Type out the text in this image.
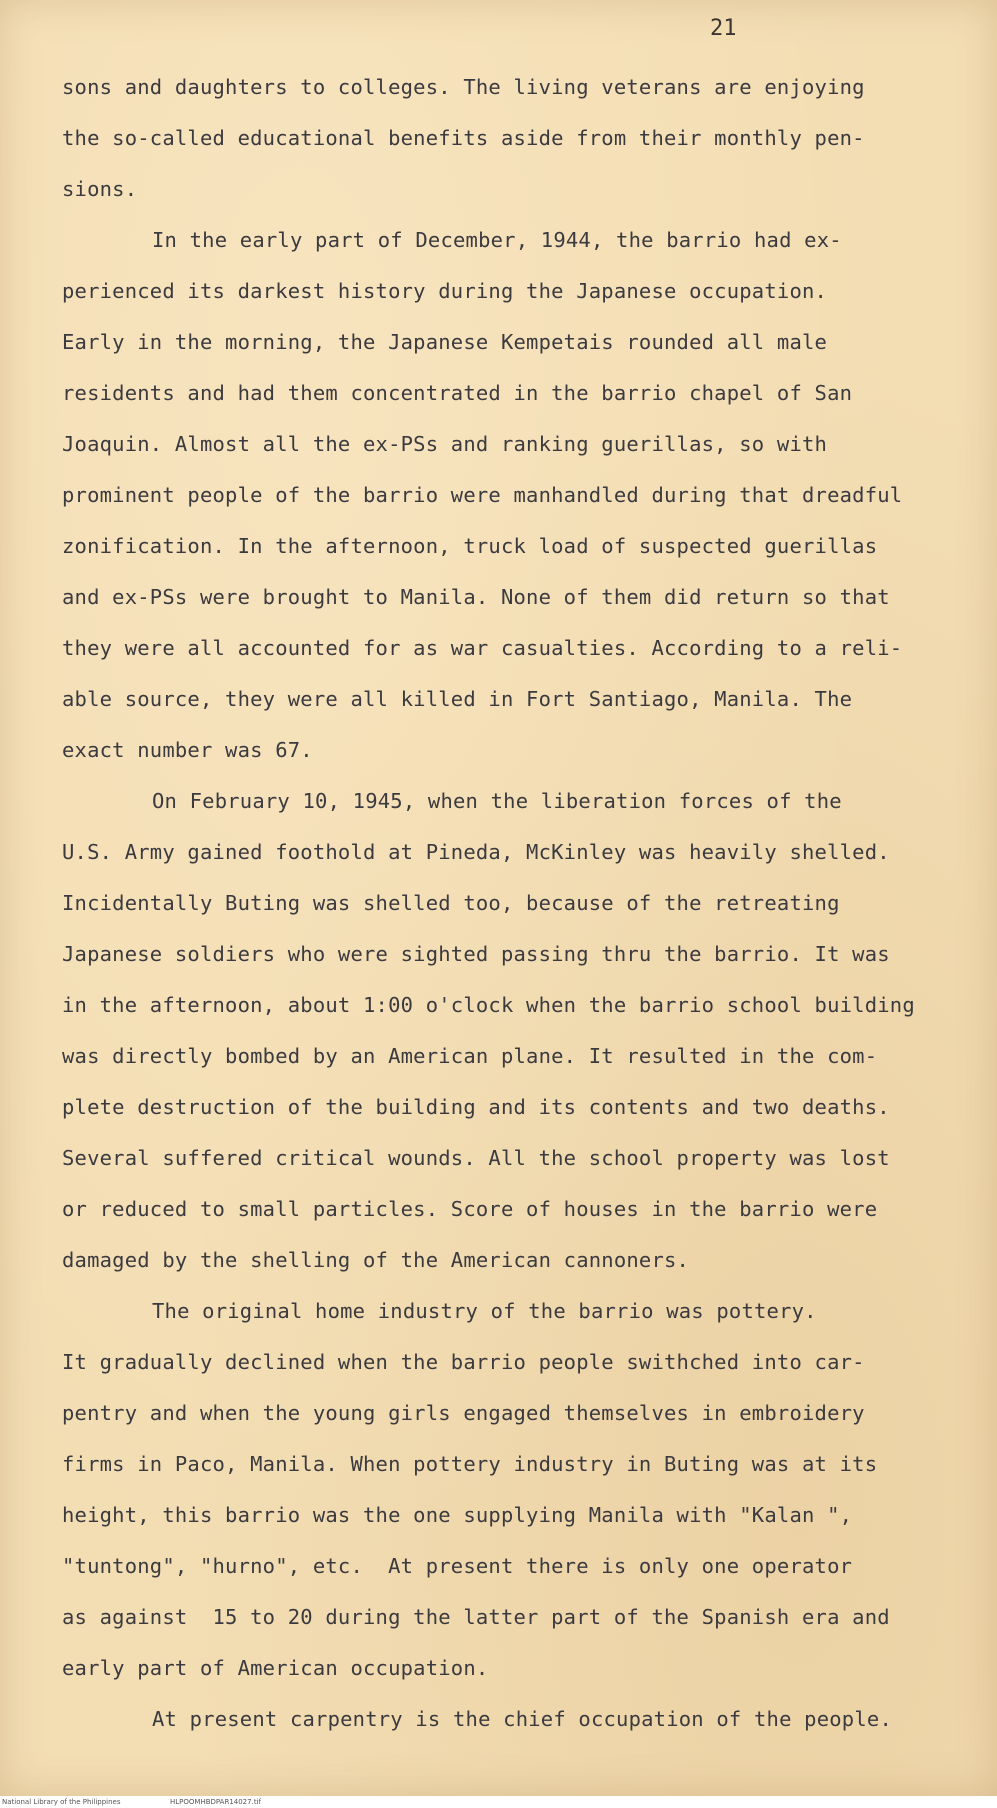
21
sons and daughters to colleges. The living veterans are enjoying
the so-called educational benefits aside from their monthly pen-
sions.
In the early part of December, 1944, the barrio had ex-
perienced its darkest history during the Japanese occupation.
Early in the morning, the Japanese Kempetais rounded all male
residents and had them concentrated in the barrio chapel of San
Joaquin. Almost all the ex-PSs and ranking guerillas, so with
prominent people of the barrio were manhandled during that dreadful
zonification. In the afternoon, truck load of suspected guerillas
and ex-PSs were brought to Manila. None of them did return so that
they were all accounted for as war casualties. According to a reli-
able source, they were all killed in Fort Santiago, Manila. The
exact number was 67.
On February 10, 1945, when the liberation forces of the
U.S. Army gained foothold at Pineda, McKinley was heavily shelled.
Incidentally Buting was shelled too, because of the retreating
Japanese soldiers who were sighted passing thru the barrio. It was
in the afternoon, about 1:00 o'clock when the barrio school building
was directly bombed by an American plane. It resulted in the com-
plete destruction of the building and its contents and two deaths.
Several suffered critical wounds. All the school property was lost
or reduced to small particles. Score of houses in the barrio were
damaged by the shelling of the American cannoners.
The original home industry of the barrio was pottery.
It gradually declined when the barrio people swithched into car-
pentry and when the young girls engaged themselves in embroidery
firms in Paco, Manila. When pottery industry in Buting was at its
height, this barrio was the one supplying Manila with "Kalan ",
"tuntong", "hurno", etc.  At present there is only one operator
as against  15 to 20 during the latter part of the Spanish era and
early part of American occupation.
At present carpentry is the chief occupation of the people.
National Library of the Philippines	HLPOOMHBDPAR14027.tif
